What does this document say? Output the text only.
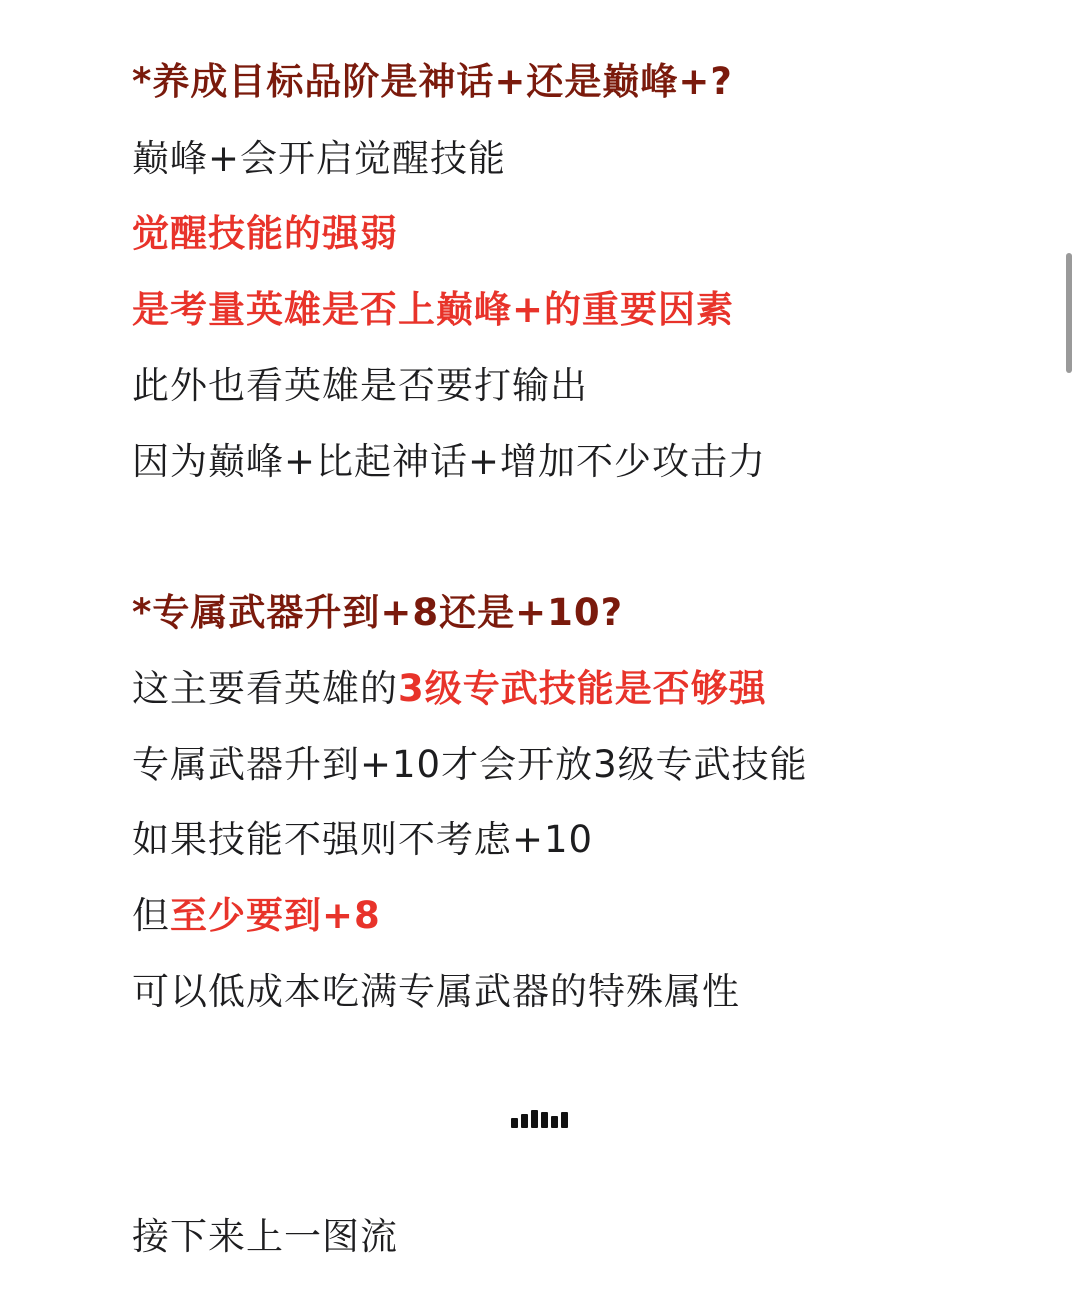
*养成目标品阶是神话+还是巅峰+?
巅峰+会开启觉醒技能
觉醒技能的强弱
是考量英雄是否上巅峰+的重要因素
此外也看英雄是否要打输出
因为巅峰+比起神话+增加不少攻击力
*专属武器升到+8还是+10?
这主要看英雄的3级专武技能是否够强
专属武器升到+10才会开放3级专武技能
如果技能不强则不考虑+10
但至少要到+8
可以低成本吃满专属武器的特殊属性
接下来上一图流
